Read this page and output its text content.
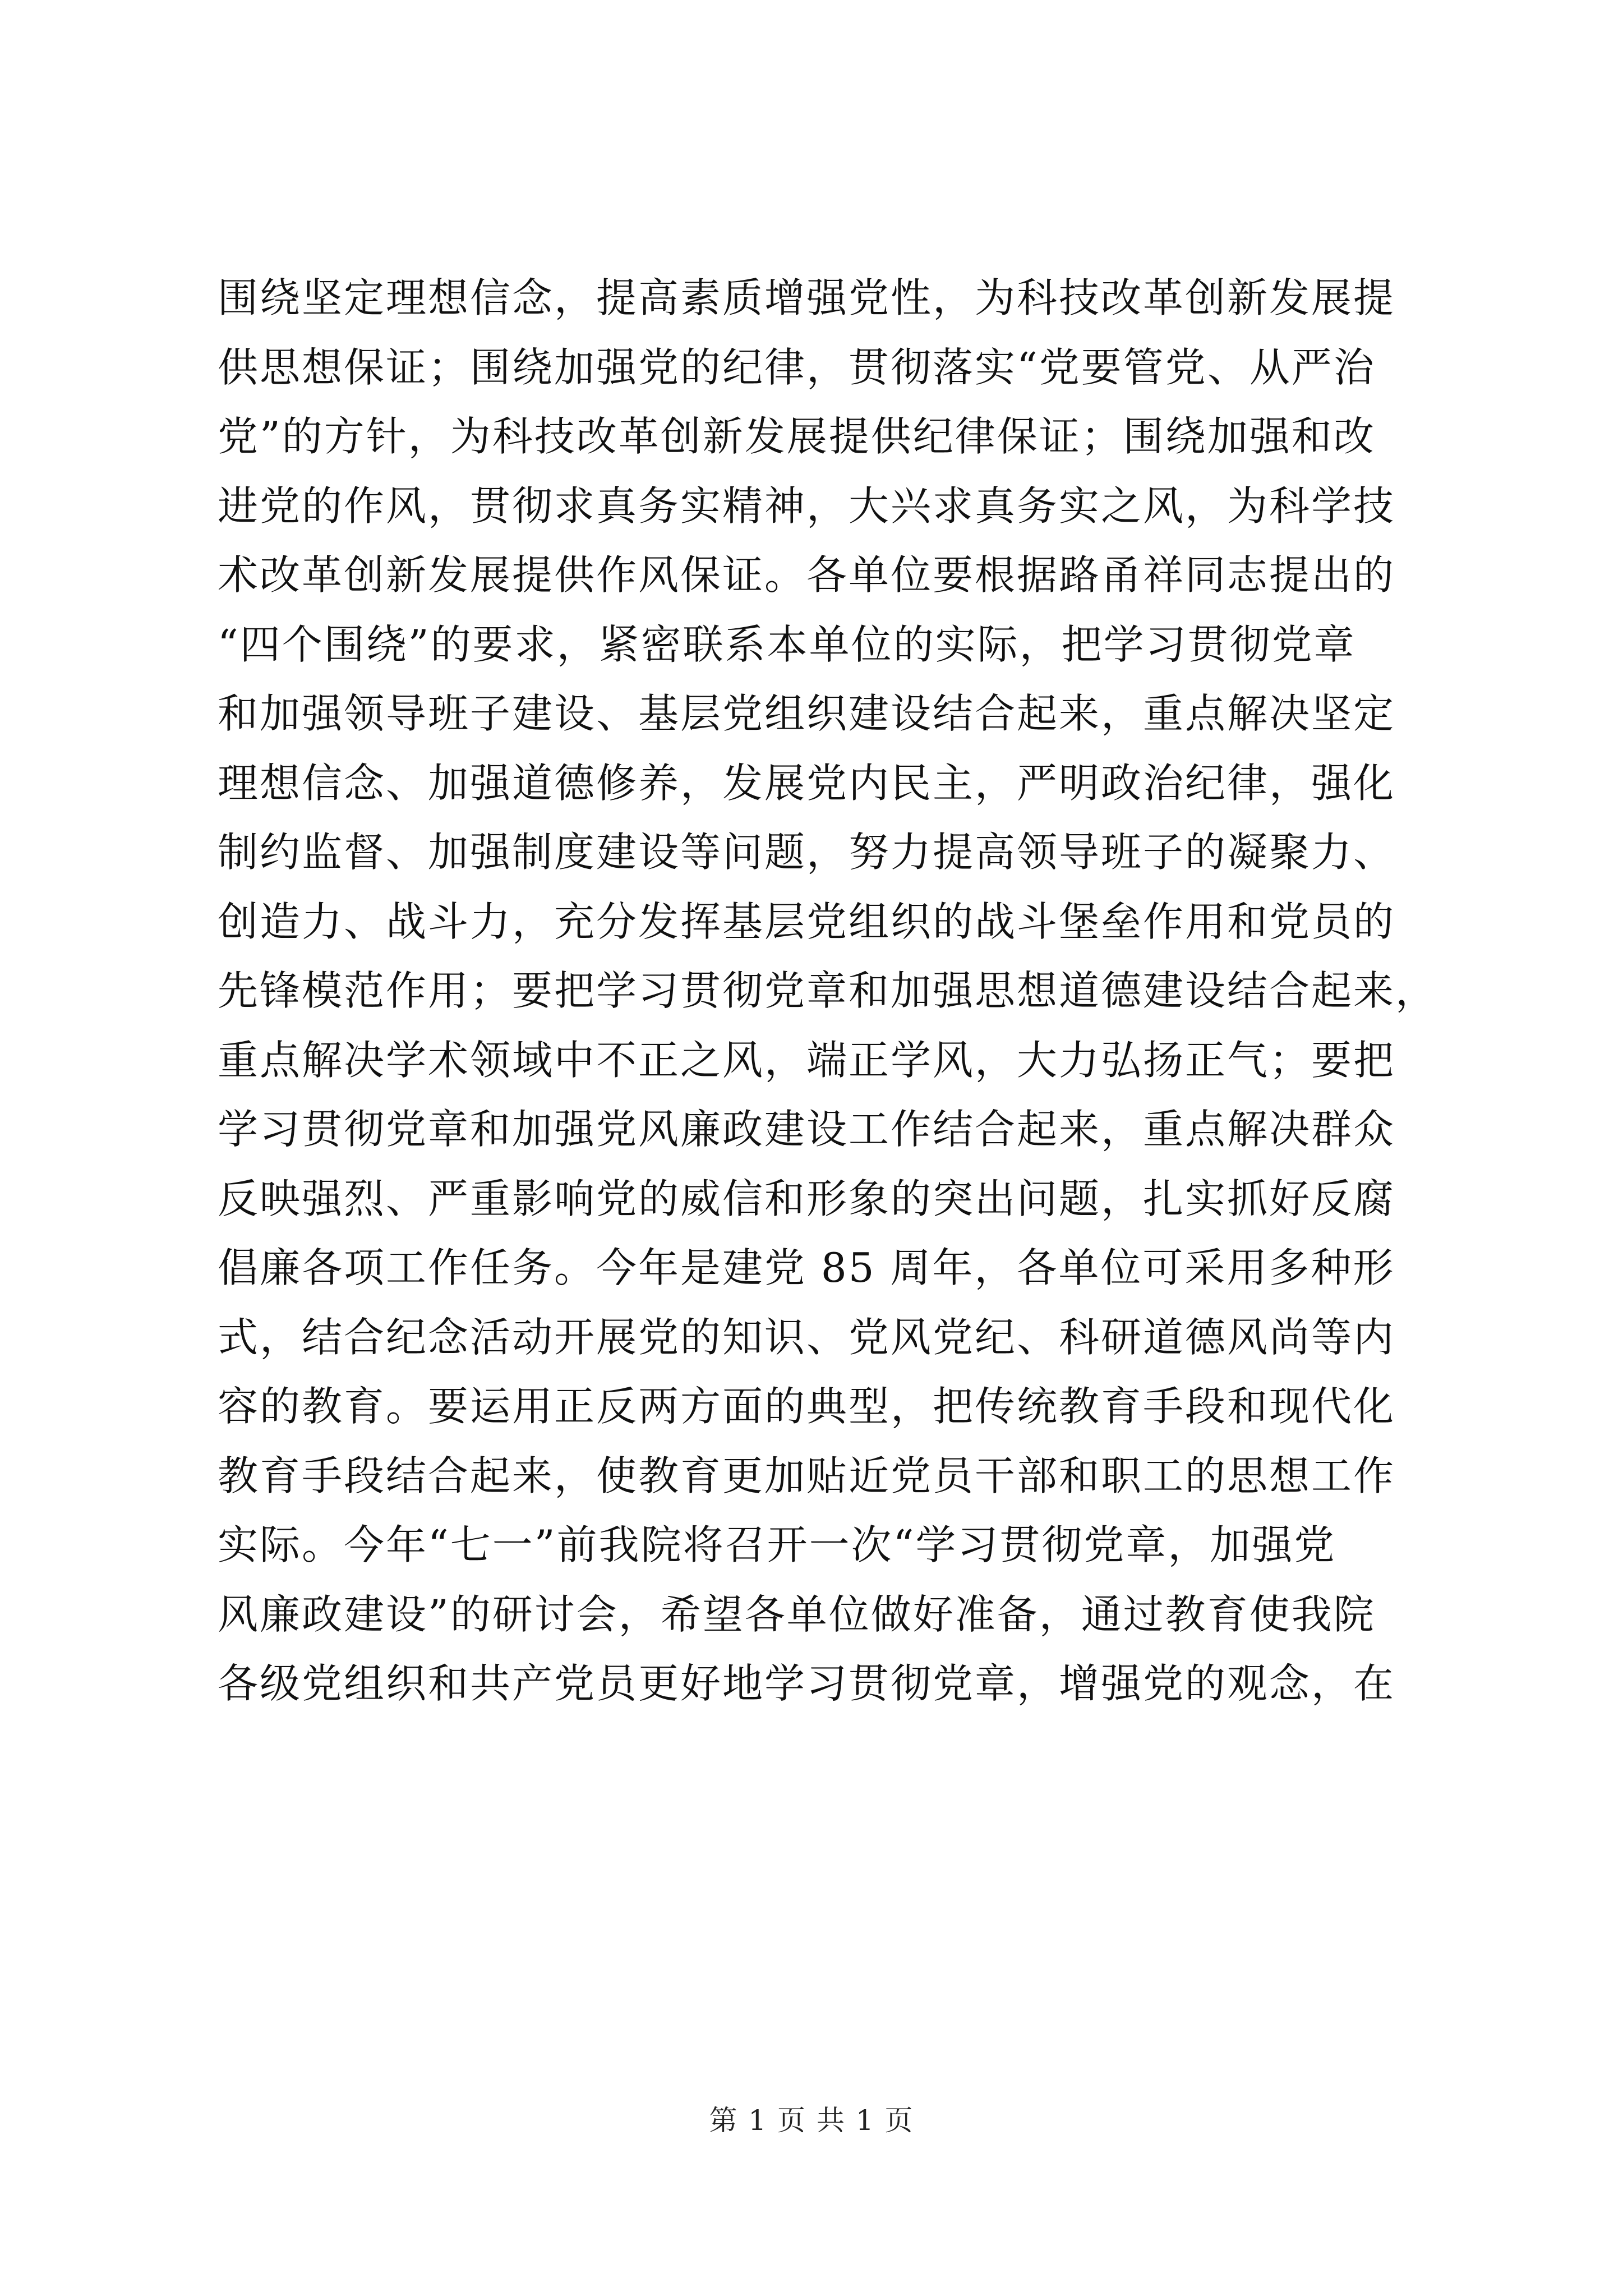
围绕坚定理想信念，提高素质增强党性，为科技改革创新发展提
供思想保证；围绕加强党的纪律，贯彻落实“党要管党、从严治
党”的方针，为科技改革创新发展提供纪律保证；围绕加强和改
进党的作风，贯彻求真务实精神，大兴求真务实之风，为科学技
术改革创新发展提供作风保证。各单位要根据路甬祥同志提出的
“四个围绕”的要求，紧密联系本单位的实际，把学习贯彻党章
和加强领导班子建设、基层党组织建设结合起来，重点解决坚定
理想信念、加强道德修养，发展党内民主，严明政治纪律，强化
制约监督、加强制度建设等问题，努力提高领导班子的凝聚力、
创造力、战斗力，充分发挥基层党组织的战斗堡垒作用和党员的
先锋模范作用；要把学习贯彻党章和加强思想道德建设结合起来，
重点解决学术领域中不正之风，端正学风，大力弘扬正气；要把
学习贯彻党章和加强党风廉政建设工作结合起来，重点解决群众
反映强烈、严重影响党的威信和形象的突出问题，扎实抓好反腐
倡廉各项工作任务。今年是建党 85 周年，各单位可采用多种形
式，结合纪念活动开展党的知识、党风党纪、科研道德风尚等内
容的教育。要运用正反两方面的典型，把传统教育手段和现代化
教育手段结合起来，使教育更加贴近党员干部和职工的思想工作
实际。今年“七一”前我院将召开一次“学习贯彻党章，加强党
风廉政建设”的研讨会，希望各单位做好准备，通过教育使我院
各级党组织和共产党员更好地学习贯彻党章，增强党的观念，在
第 1 页 共 1 页
